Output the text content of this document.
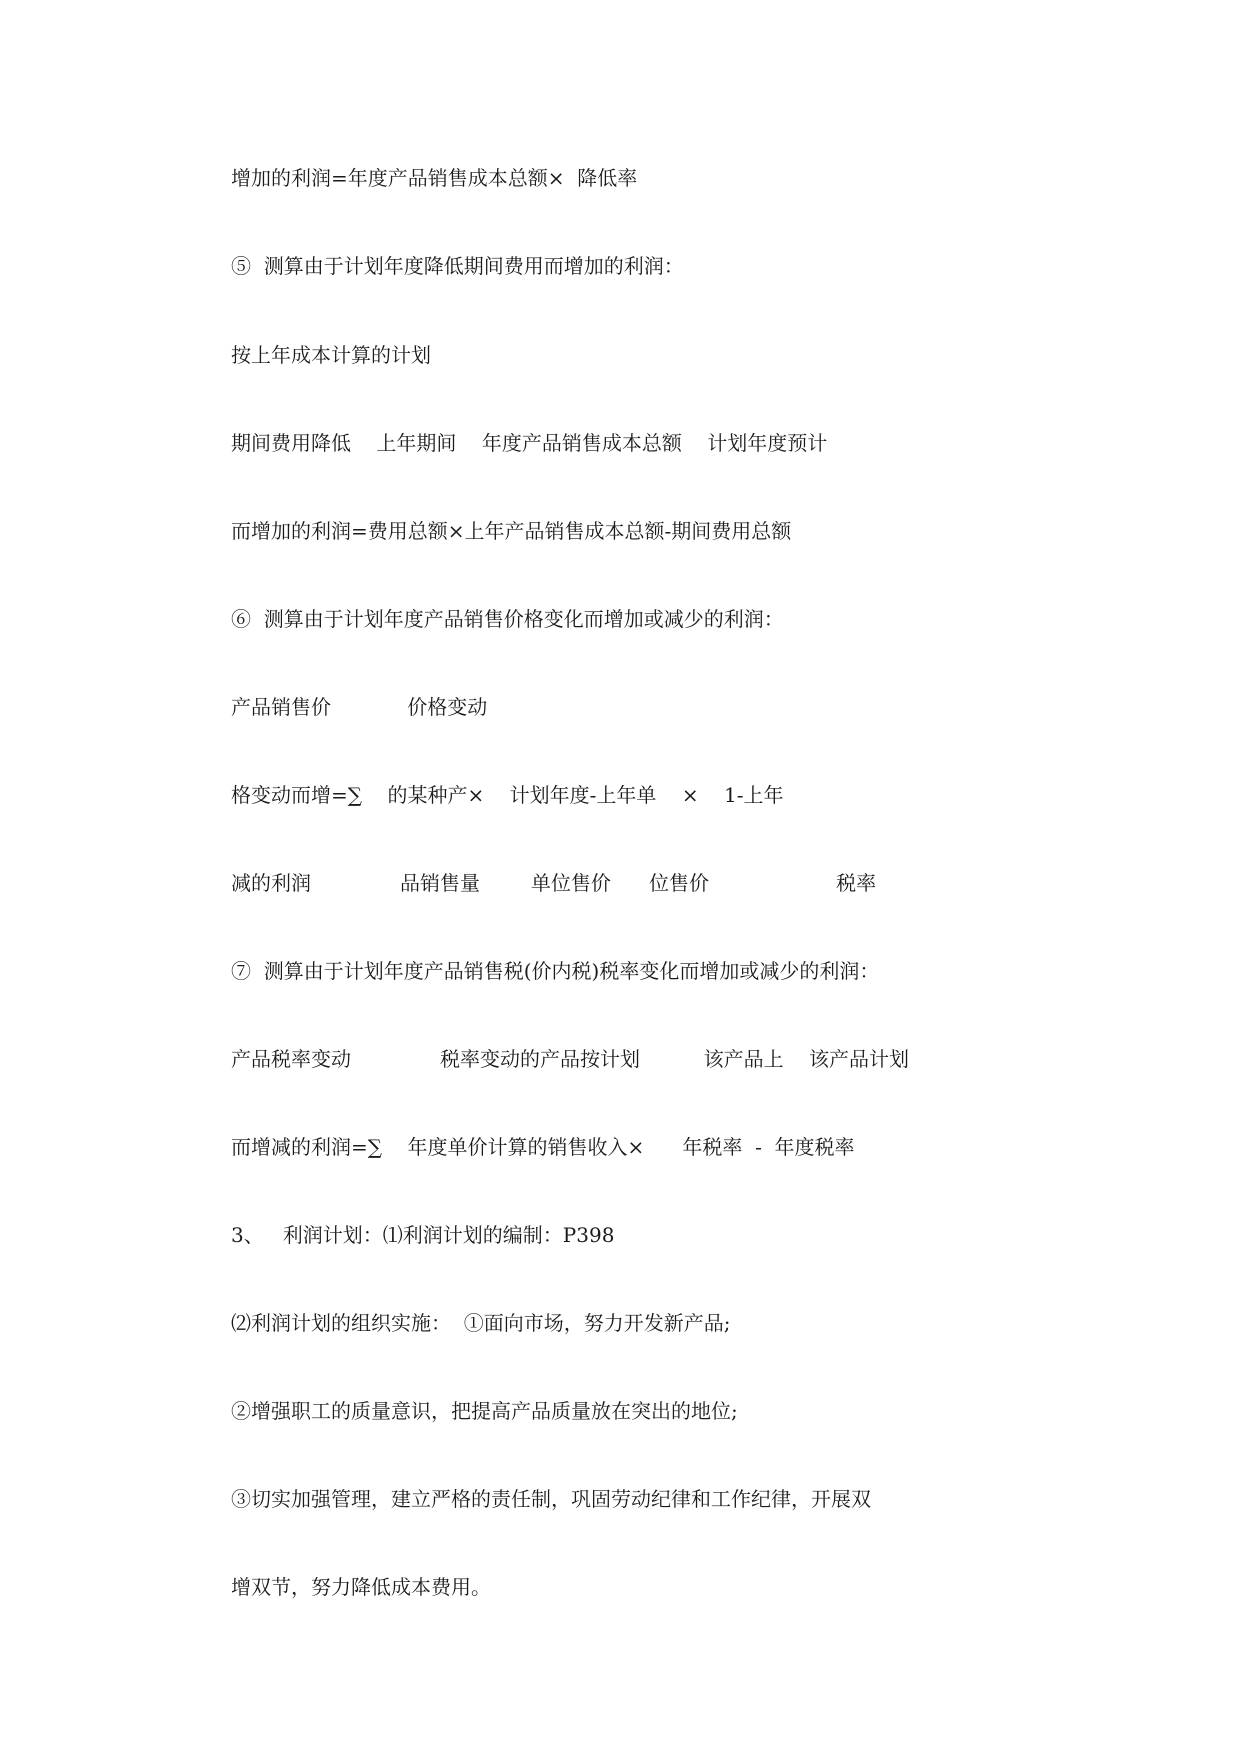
增加的利润=年度产品销售成本总额×  降低率

⑤  测算由于计划年度降低期间费用而增加的利润：

按上年成本计算的计划

期间费用降低    上年期间    年度产品销售成本总额    计划年度预计

而增加的利润=费用总额×上年产品销售成本总额-期间费用总额

⑥  测算由于计划年度产品销售价格变化而增加或减少的利润：

产品销售价            价格变动

格变动而增=∑    的某种产×    计划年度-上年单    ×    1-上年

减的利润              品销售量        单位售价      位售价                    税率

⑦  测算由于计划年度产品销售税(价内税)税率变化而增加或减少的利润：

产品税率变动              税率变动的产品按计划          该产品上    该产品计划

而增减的利润=∑    年度单价计算的销售收入×      年税率  -  年度税率

3、   利润计划：⑴利润计划的编制：P398

⑵利润计划的组织实施：  ①面向市场，努力开发新产品;

②增强职工的质量意识，把提高产品质量放在突出的地位;

③切实加强管理，建立严格的责任制，巩固劳动纪律和工作纪律，开展双

增双节，努力降低成本费用。
